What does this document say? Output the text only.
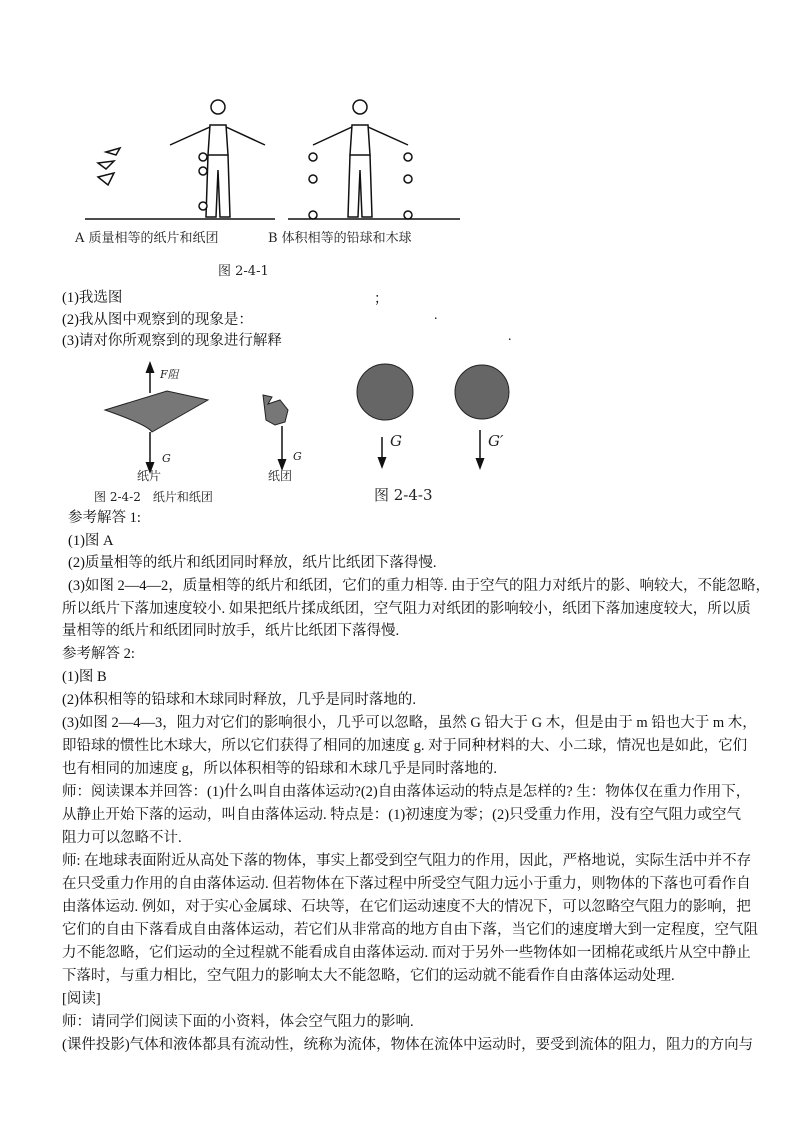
A 质量相等的纸片和纸团	B 体积相等的铅球和木球
图 2-4-1
(1)我选图	；
(2)我从图中观察到的现象是：	.
(3)请对你所观察到的现象进行解释	.
F阻
G	G
纸片	纸团
图 2-4-2　纸片和纸团
G	G′
图 2-4-3
参考解答 1:
(1)图 A
(2)质量相等的纸片和纸团同时释放，纸片比纸团下落得慢.
(3)如图 2—4—2，质量相等的纸片和纸团，它们的重力相等. 由于空气的阻力对纸片的影、响较大，不能忽略，
所以纸片下落加速度较小. 如果把纸片揉成纸团，空气阻力对纸团的影响较小，纸团下落加速度较大，所以质
量相等的纸片和纸团同时放手，纸片比纸团下落得慢.
参考解答 2:
(1)图 B
(2)体积相等的铅球和木球同时释放，几乎是同时落地的.
(3)如图 2—4—3，阻力对它们的影响很小，几乎可以忽略，虽然 G 铅大于 G 木，但是由于 m 铅也大于 m 木，
即铅球的惯性比木球大，所以它们获得了相同的加速度 g. 对于同种材料的大、小二球，情况也是如此，它们
也有相同的加速度 g，所以体积相等的铅球和木球几乎是同时落地的.
师：阅读课本并回答：(1)什么叫自由落体运动?(2)自由落体运动的特点是怎样的? 生：物体仅在重力作用下，
从静止开始下落的运动，叫自由落体运动. 特点是：(1)初速度为零；(2)只受重力作用，没有空气阻力或空气
阻力可以忽略不计.
师: 在地球表面附近从高处下落的物体，事实上都受到空气阻力的作用，因此，严格地说，实际生活中并不存
在只受重力作用的自由落体运动. 但若物体在下落过程中所受空气阻力远小于重力，则物体的下落也可看作自
由落体运动. 例如，对于实心金属球、石块等，在它们运动速度不大的情况下，可以忽略空气阻力的影响，把
它们的自由下落看成自由落体运动，若它们从非常高的地方自由下落，当它们的速度增大到一定程度，空气阻
力不能忽略，它们运动的全过程就不能看成自由落体运动. 而对于另外一些物体如一团棉花或纸片从空中静止
下落时，与重力相比，空气阻力的影响太大不能忽略，它们的运动就不能看作自由落体运动处理.
[阅读]
师：请同学们阅读下面的小资料，体会空气阻力的影响.
(课件投影)气体和液体都具有流动性，统称为流体，物体在流体中运动时，要受到流体的阻力，阻力的方向与
